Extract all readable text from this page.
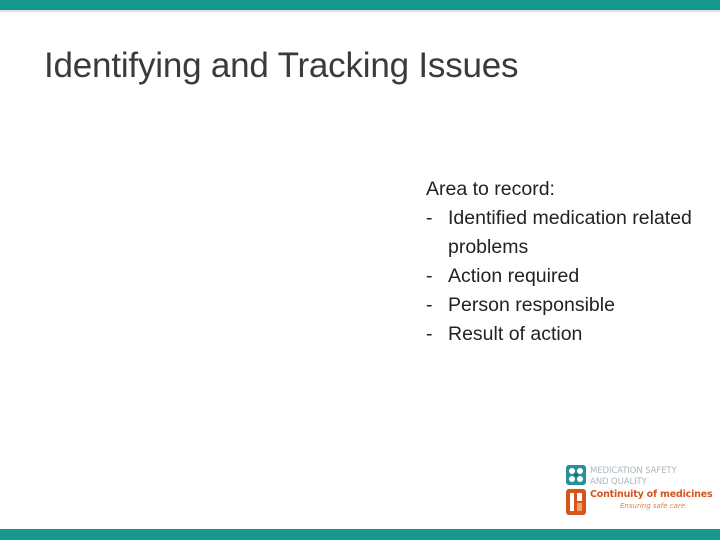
Identifying and Tracking Issues

Area to record:

- Identified medication related problems
- Action required
- Person responsible
- Result of action
MEDICATION SAFETY
AND QUALITY
Continuity of medicines
Ensuring safe care
